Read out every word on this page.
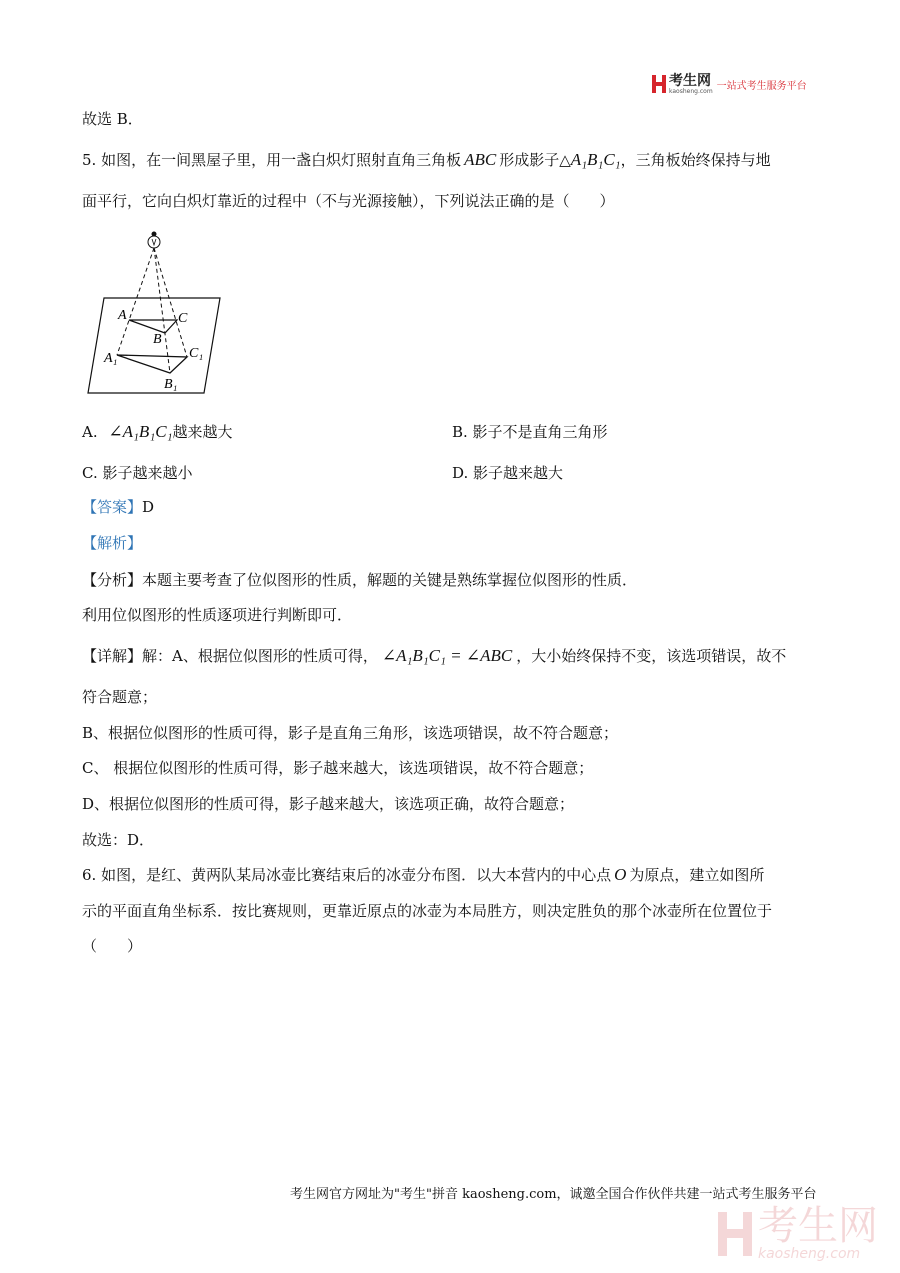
考生网
kaosheng.com 一站式考生服务平台
故选 B．
5. 如图，在一间黑屋子里，用一盏白炽灯照射直角三角板 ABC 形成影子△A₁B₁C₁，三角板始终保持与地
面平行，它向白炽灯靠近的过程中（不与光源接触），下列说法正确的是（　　）
A	C
B
A₁	C₁
B₁
A. ∠A₁B₁C₁越来越大	B. 影子不是直角三角形
C. 影子越来越小	D. 影子越来越大
【答案】D
【解析】
【分析】本题主要考查了位似图形的性质，解题的关键是熟练掌握位似图形的性质．
利用位似图形的性质逐项进行判断即可．
【详解】解：A、根据位似图形的性质可得， ∠A₁B₁C₁ = ∠ABC ，大小始终保持不变，该选项错误，故不
符合题意；
B、根据位似图形的性质可得，影子是直角三角形，该选项错误，故不符合题意；
C、 根据位似图形的性质可得，影子越来越大，该选项错误，故不符合题意；
D、根据位似图形的性质可得，影子越来越大，该选项正确，故符合题意；
故选：D．
6. 如图，是红、黄两队某局冰壶比赛结束后的冰壶分布图．以大本营内的中心点 O 为原点，建立如图所
示的平面直角坐标系．按比赛规则，更靠近原点的冰壶为本局胜方，则决定胜负的那个冰壶所在位置位于
（　　）
考生网官方网址为"考生"拼音 kaosheng.com，诚邀全国合作伙伴共建一站式考生服务平台
考生网
kaosheng.com
